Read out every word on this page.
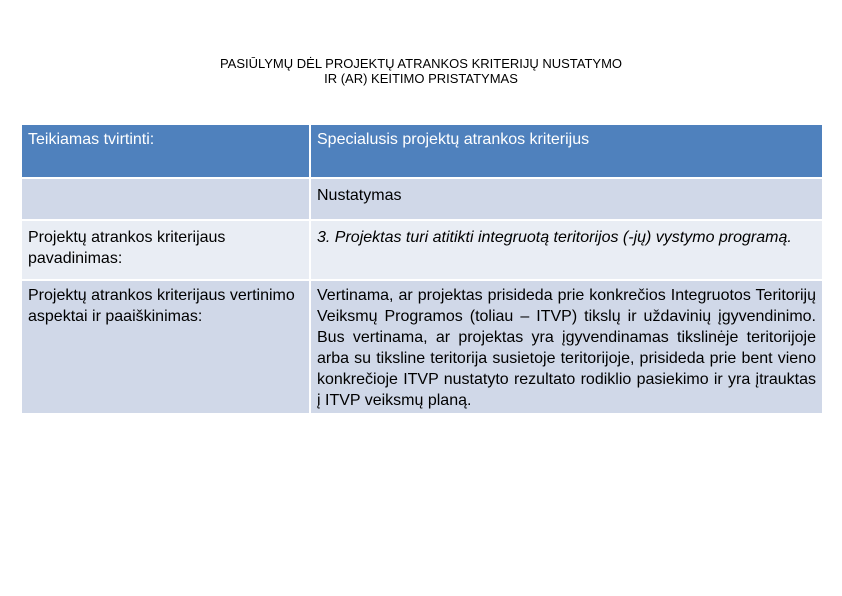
PASIŪLYMŲ DĖL PROJEKTŲ ATRANKOS KRITERIJŲ NUSTATYMO
IR (AR) KEITIMO PRISTATYMAS
Teikiamas tvirtinti:	Specialusis projektų atrankos kriterijus
	Nustatymas
Projektų atrankos kriterijaus pavadinimas:	3. Projektas turi atitikti integruotą teritorijos (-jų) vystymo programą.
Projektų atrankos kriterijaus vertinimo aspektai ir paaiškinimas:	Vertinama, ar projektas prisideda prie konkrečios Integruotos Teritorijų Veiksmų Programos (toliau – ITVP) tikslų ir uždavinių įgyvendinimo. Bus vertinama, ar projektas yra įgyvendinamas tikslinėje teritorijoje arba su tiksline teritorija susietoje teritorijoje, prisideda prie bent vieno konkrečioje ITVP nustatyto rezultato rodiklio pasiekimo ir yra įtrauktas į ITVP veiksmų planą.
